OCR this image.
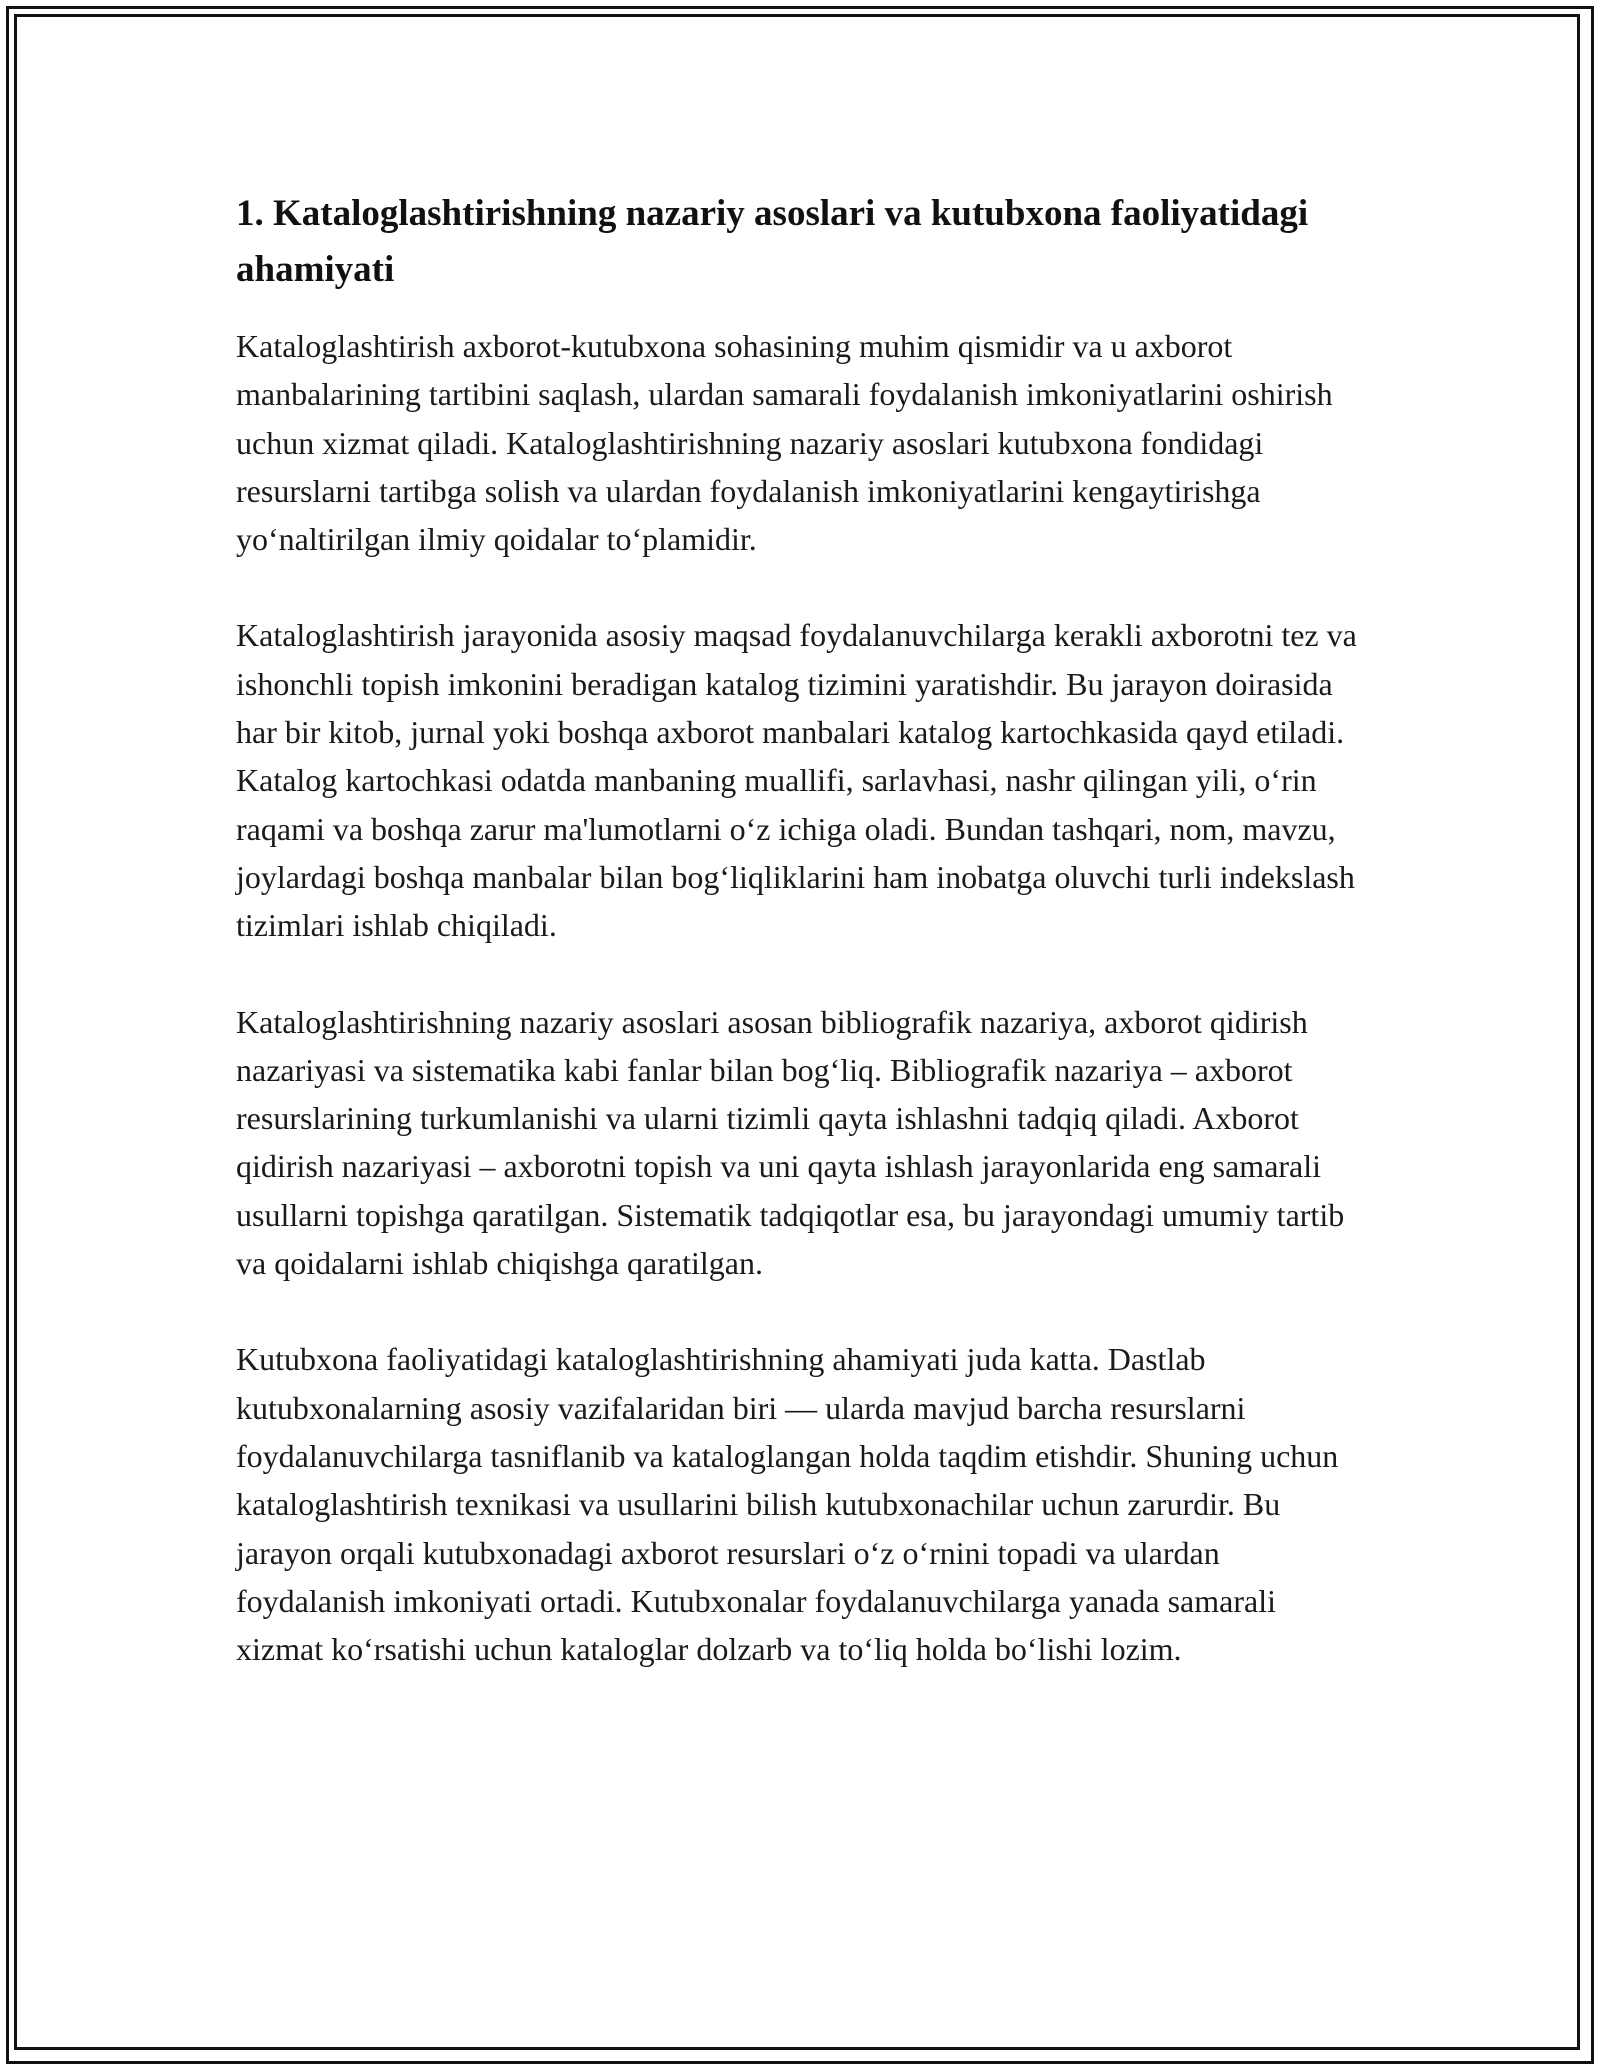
1. Kataloglashtirishning nazariy asoslari va kutubxona faoliyatidagi ahamiyati

Kataloglashtirish axborot-kutubxona sohasining muhim qismidir va u axborot manbalarining tartibini saqlash, ulardan samarali foydalanish imkoniyatlarini oshirish uchun xizmat qiladi. Kataloglashtirishning nazariy asoslari kutubxona fondidagi resurslarni tartibga solish va ulardan foydalanish imkoniyatlarini kengaytirishga yo‘naltirilgan ilmiy qoidalar to‘plamidir.

Kataloglashtirish jarayonida asosiy maqsad foydalanuvchilarga kerakli axborotni tez va ishonchli topish imkonini beradigan katalog tizimini yaratishdir. Bu jarayon doirasida har bir kitob, jurnal yoki boshqa axborot manbalari katalog kartochkasida qayd etiladi. Katalog kartochkasi odatda manbaning muallifi, sarlavhasi, nashr qilingan yili, o‘rin raqami va boshqa zarur ma'lumotlarni o‘z ichiga oladi. Bundan tashqari, nom, mavzu, joylardagi boshqa manbalar bilan bog‘liqliklarini ham inobatga oluvchi turli indekslash tizimlari ishlab chiqiladi.

Kataloglashtirishning nazariy asoslari asosan bibliografik nazariya, axborot qidirish nazariyasi va sistematika kabi fanlar bilan bog‘liq. Bibliografik nazariya – axborot resurslarining turkumlanishi va ularni tizimli qayta ishlashni tadqiq qiladi. Axborot qidirish nazariyasi – axborotni topish va uni qayta ishlash jarayonlarida eng samarali usullarni topishga qaratilgan. Sistematik tadqiqotlar esa, bu jarayondagi umumiy tartib va qoidalarni ishlab chiqishga qaratilgan.

Kutubxona faoliyatidagi kataloglashtirishning ahamiyati juda katta. Dastlab kutubxonalarning asosiy vazifalaridan biri — ularda mavjud barcha resurslarni foydalanuvchilarga tasniflanib va kataloglangan holda taqdim etishdir. Shuning uchun kataloglashtirish texnikasi va usullarini bilish kutubxonachilar uchun zarurdir. Bu jarayon orqali kutubxonadagi axborot resurslari o‘z o‘rnini topadi va ulardan foydalanish imkoniyati ortadi. Kutubxonalar foydalanuvchilarga yanada samarali xizmat ko‘rsatishi uchun kataloglar dolzarb va to‘liq holda bo‘lishi lozim.
